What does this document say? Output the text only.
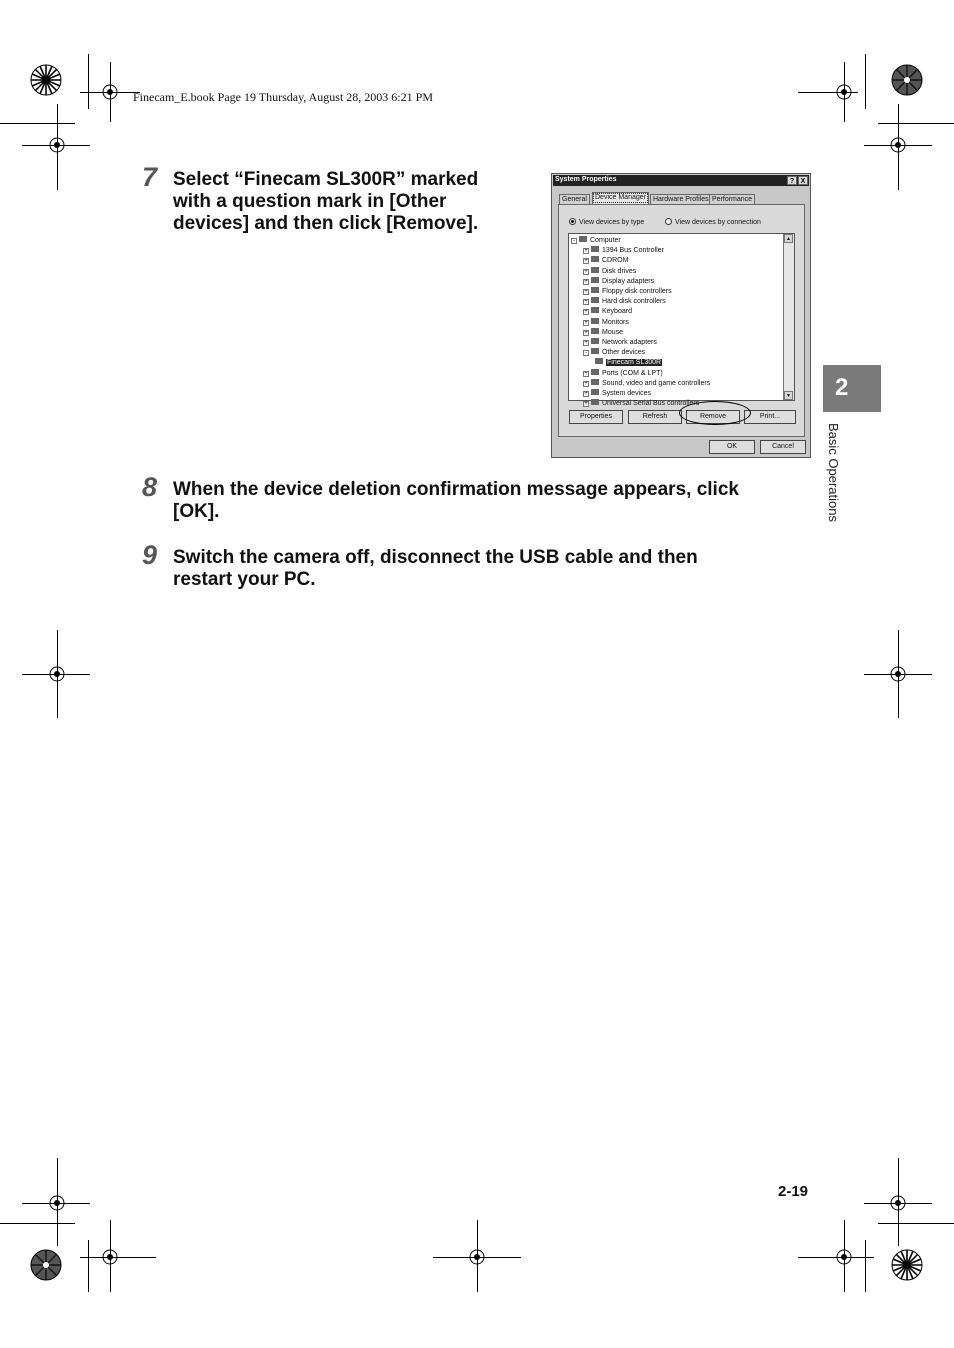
Finecam_E.book Page 19 Thursday, August 28, 2003 6:21 PM
7 Select “Finecam SL300R” marked
with a question mark in [Other
devices] and then click [Remove].
8 When the device deletion confirmation message appears, click
[OK].
9 Switch the camera off, disconnect the USB cable and then
restart your PC.
2
Basic Operations
2-19
System Properties	? X
General	Device Manager	Hardware Profiles Performance
View devices by type	View devices by connection
▲
▼
- Computer
+ 1394 Bus Controller
+ CDROM
+ Disk drives
+ Display adapters
+ Floppy disk controllers
+ Hard disk controllers
+ Keyboard
+ Monitors
+ Mouse
+ Network adapters
- Other devices
Finecam SL300R
+ Ports (COM & LPT)
+ Sound, video and game controllers
+ System devices
+ Universal Serial Bus controllers
Properties	Refresh	Remove	Print...
OK	Cancel
